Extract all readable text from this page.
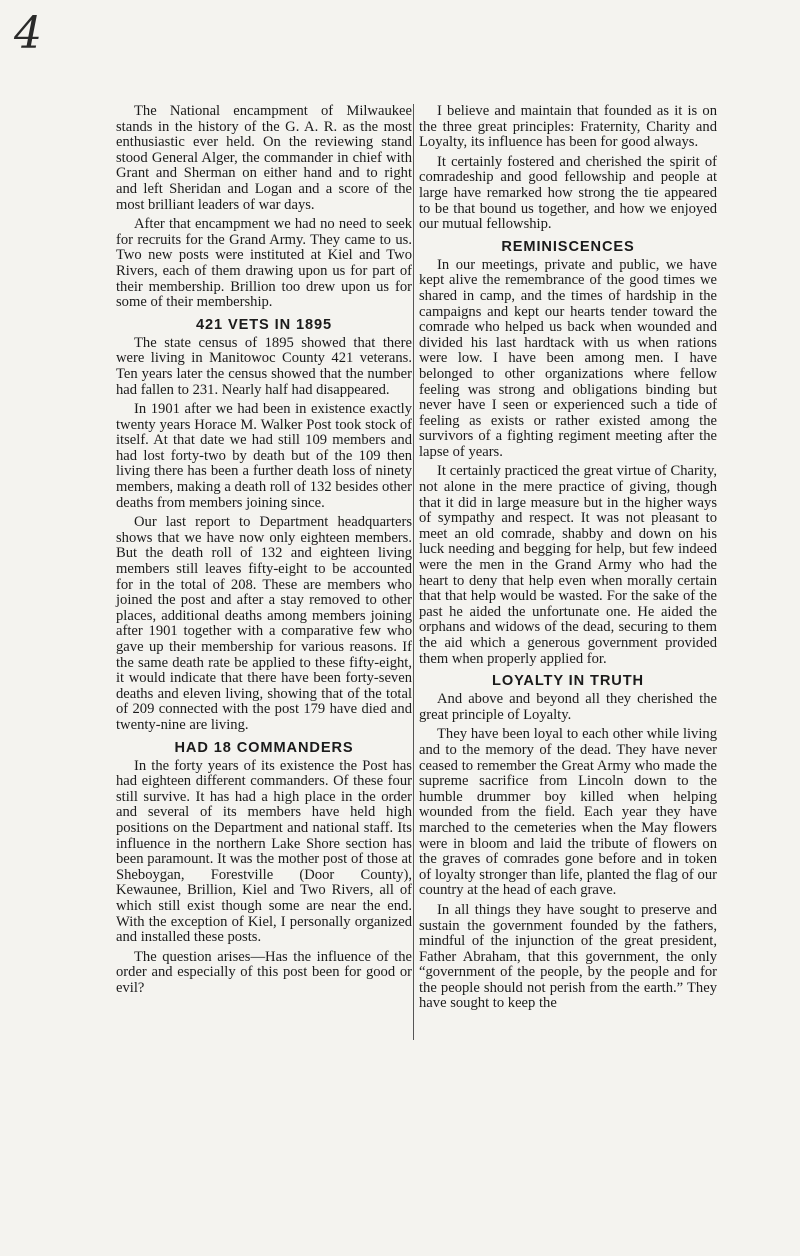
4

The National encampment of Milwaukee stands in the history of the G. A. R. as the most enthusiastic ever held. On the reviewing stand stood General Alger, the commander in chief with Grant and Sherman on either hand and to right and left Sheridan and Logan and a score of the most brilliant leaders of war days.

After that encampment we had no need to seek for recruits for the Grand Army. They came to us. Two new posts were instituted at Kiel and Two Rivers, each of them drawing upon us for part of their membership. Brillion too drew upon us for some of their membership.

421 VETS IN 1895

The state census of 1895 showed that there were living in Manitowoc County 421 veterans. Ten years later the census showed that the number had fallen to 231. Nearly half had disappeared.

In 1901 after we had been in existence exactly twenty years Horace M. Walker Post took stock of itself. At that date we had still 109 members and had lost forty-two by death but of the 109 then living there has been a further death loss of ninety members, making a death roll of 132 besides other deaths from members joining since.

Our last report to Department headquarters shows that we have now only eighteen members. But the death roll of 132 and eighteen living members still leaves fifty-eight to be accounted for in the total of 208. These are members who joined the post and after a stay removed to other places, additional deaths among members joining after 1901 together with a comparative few who gave up their membership for various reasons. If the same death rate be applied to these fifty-eight, it would indicate that there have been forty-seven deaths and eleven living, showing that of the total of 209 connected with the post 179 have died and twenty-nine are living.

HAD 18 COMMANDERS

In the forty years of its existence the Post has had eighteen different commanders. Of these four still survive. It has had a high place in the order and several of its members have held high positions on the Department and national staff. Its influence in the northern Lake Shore section has been paramount. It was the mother post of those at Sheboygan, Forestville (Door County), Kewaunee, Brillion, Kiel and Two Rivers, all of which still exist though some are near the end. With the exception of Kiel, I personally organized and installed these posts.

The question arises—Has the influence of the order and especially of this post been for good or evil?

I believe and maintain that founded as it is on the three great principles: Fraternity, Charity and Loyalty, its influence has been for good always.

It certainly fostered and cherished the spirit of comradeship and good fellowship and people at large have remarked how strong the tie appeared to be that bound us together, and how we enjoyed our mutual fellowship.

REMINISCENCES

In our meetings, private and public, we have kept alive the remembrance of the good times we shared in camp, and the times of hardship in the campaigns and kept our hearts tender toward the comrade who helped us back when wounded and divided his last hardtack with us when rations were low. I have been among men. I have belonged to other organizations where fellow feeling was strong and obligations binding but never have I seen or experienced such a tide of feeling as exists or rather existed among the survivors of a fighting regiment meeting after the lapse of years.

It certainly practiced the great virtue of Charity, not alone in the mere practice of giving, though that it did in large measure but in the higher ways of sympathy and respect. It was not pleasant to meet an old comrade, shabby and down on his luck needing and begging for help, but few indeed were the men in the Grand Army who had the heart to deny that help even when morally certain that that help would be wasted. For the sake of the past he aided the unfortunate one. He aided the orphans and widows of the dead, securing to them the aid which a generous government provided them when properly applied for.

LOYALTY IN TRUTH

And above and beyond all they cherished the great principle of Loyalty.

They have been loyal to each other while living and to the memory of the dead. They have never ceased to remember the Great Army who made the supreme sacrifice from Lincoln down to the humble drummer boy killed when helping wounded from the field. Each year they have marched to the cemeteries when the May flowers were in bloom and laid the tribute of flowers on the graves of comrades gone before and in token of loyalty stronger than life, planted the flag of our country at the head of each grave.

In all things they have sought to preserve and sustain the government founded by the fathers, mindful of the injunction of the great president, Father Abraham, that this government, the only “government of the people, by the people and for the people should not perish from the earth.” They have sought to keep the
